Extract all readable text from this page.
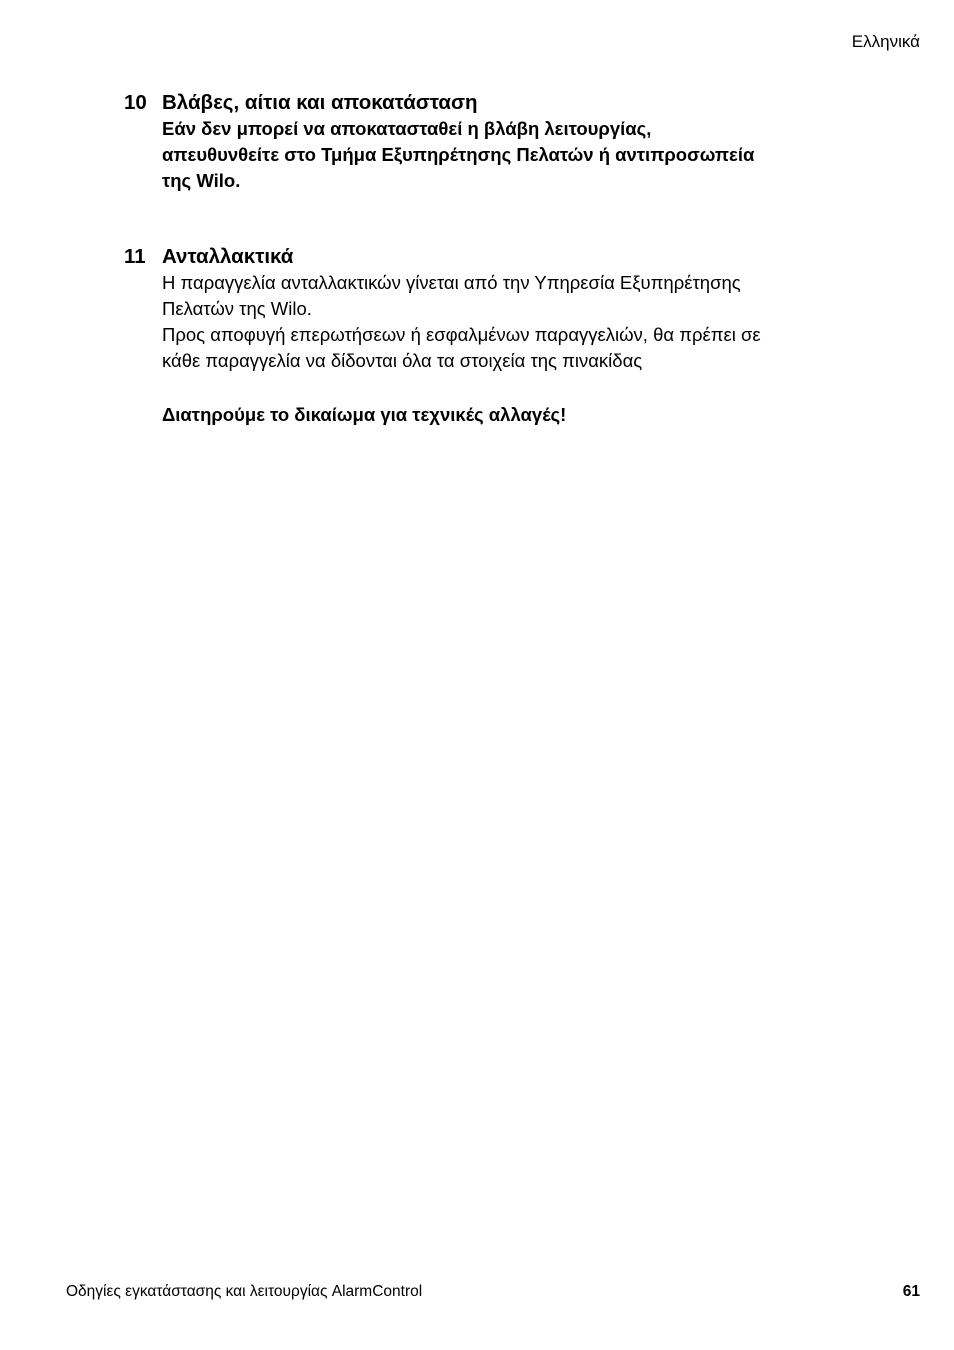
Ελληνικά
10 Βλάβες, αίτια και αποκατάσταση
Εάν δεν μπορεί να αποκατασταθεί η βλάβη λειτουργίας,
απευθυνθείτε στο Τμήμα Εξυπηρέτησης Πελατών ή αντιπροσωπεία
της Wilo.
11 Ανταλλακτικά
Η παραγγελία ανταλλακτικών γίνεται από την Υπηρεσία Εξυπηρέτησης
Πελατών της Wilo.
Προς αποφυγή επερωτήσεων ή εσφαλμένων παραγγελιών, θα πρέπει σε
κάθε παραγγελία να δίδονται όλα τα στοιχεία της πινακίδας
Διατηρούμε το δικαίωμα για τεχνικές αλλαγές!
Οδηγίες εγκατάστασης και λειτουργίας AlarmControl	61
